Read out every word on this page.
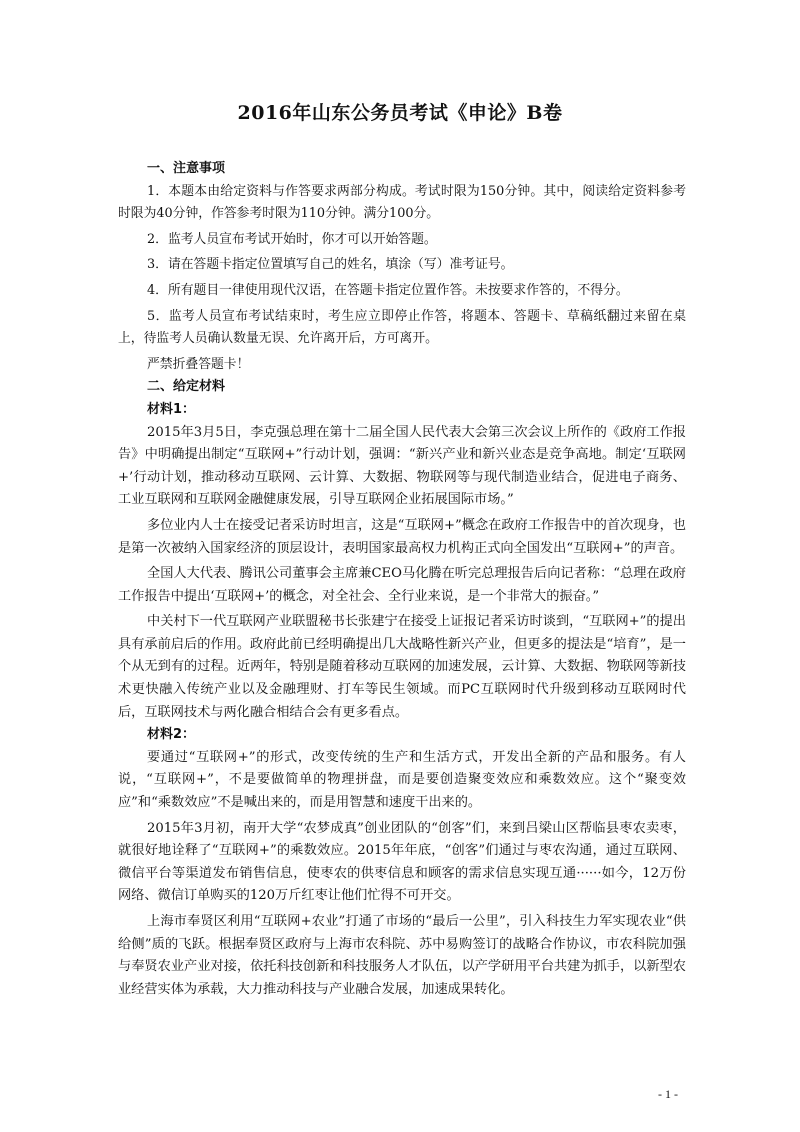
2016年山东公务员考试《申论》B卷

一、注意事项

1．本题本由给定资料与作答要求两部分构成。考试时限为150分钟。其中，阅读给定资料参考时限为40分钟，作答参考时限为110分钟。满分100分。

2．监考人员宣布考试开始时，你才可以开始答题。

3．请在答题卡指定位置填写自己的姓名，填涂（写）准考证号。

4．所有题目一律使用现代汉语，在答题卡指定位置作答。未按要求作答的，不得分。

5．监考人员宣布考试结束时，考生应立即停止作答，将题本、答题卡、草稿纸翻过来留在桌上，待监考人员确认数量无误、允许离开后，方可离开。

严禁折叠答题卡！

二、给定材料

材料1：

2015年3月5日，李克强总理在第十二届全国人民代表大会第三次会议上所作的《政府工作报告》中明确提出制定“互联网+”行动计划，强调：“新兴产业和新兴业态是竞争高地。制定‘互联网+’行动计划，推动移动互联网、云计算、大数据、物联网等与现代制造业结合，促进电子商务、工业互联网和互联网金融健康发展，引导互联网企业拓展国际市场。”

多位业内人士在接受记者采访时坦言，这是“互联网+”概念在政府工作报告中的首次现身，也是第一次被纳入国家经济的顶层设计，表明国家最高权力机构正式向全国发出“互联网+”的声音。

全国人大代表、腾讯公司董事会主席兼CEO马化腾在听完总理报告后向记者称：“总理在政府工作报告中提出‘互联网+’的概念，对全社会、全行业来说，是一个非常大的振奋。”

中关村下一代互联网产业联盟秘书长张建宁在接受上证报记者采访时谈到，“互联网+”的提出具有承前启后的作用。政府此前已经明确提出几大战略性新兴产业，但更多的提法是“培育”，是一个从无到有的过程。近两年，特别是随着移动互联网的加速发展，云计算、大数据、物联网等新技术更快融入传统产业以及金融理财、打车等民生领域。而PC互联网时代升级到移动互联网时代后，互联网技术与两化融合相结合会有更多看点。

材料2：

要通过“互联网+”的形式，改变传统的生产和生活方式，开发出全新的产品和服务。有人说，“互联网+”，不是要做简单的物理拼盘，而是要创造聚变效应和乘数效应。这个“聚变效应”和“乘数效应”不是喊出来的，而是用智慧和速度干出来的。

2015年3月初，南开大学“农梦成真”创业团队的“创客”们，来到吕梁山区帮临县枣农卖枣，就很好地诠释了“互联网+”的乘数效应。2015年年底，“创客”们通过与枣农沟通，通过互联网、微信平台等渠道发布销售信息，使枣农的供枣信息和顾客的需求信息实现互通······如今，12万份网络、微信订单购买的120万斤红枣让他们忙得不可开交。

上海市奉贤区利用“互联网+农业”打通了市场的“最后一公里”，引入科技生力军实现农业“供给侧”质的飞跃。根据奉贤区政府与上海市农科院、苏中易购签订的战略合作协议，市农科院加强与奉贤农业产业对接，依托科技创新和科技服务人才队伍，以产学研用平台共建为抓手，以新型农业经营实体为承载，大力推动科技与产业融合发展，加速成果转化。

- 1 -
